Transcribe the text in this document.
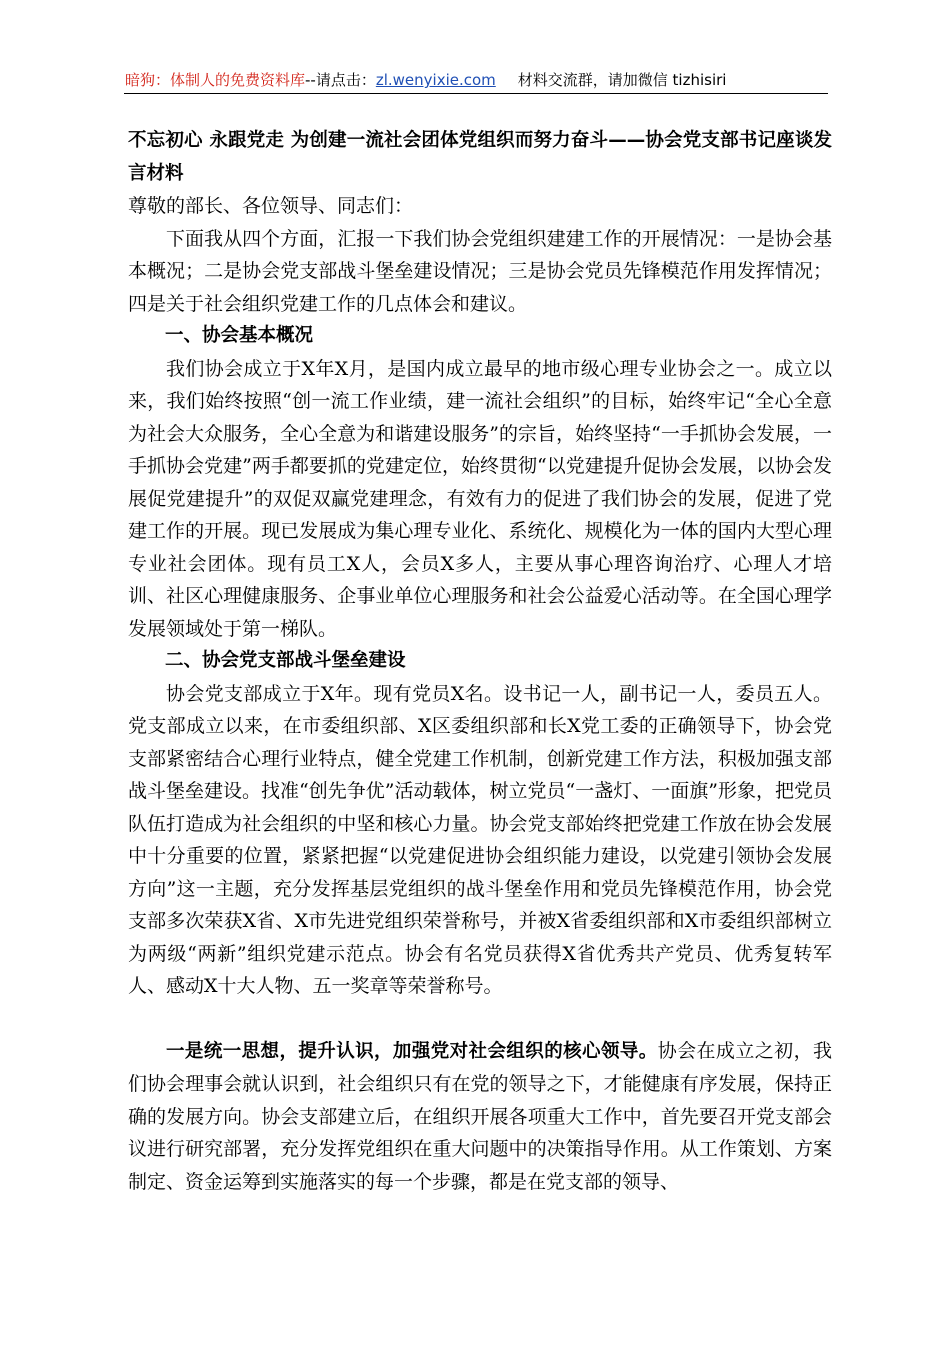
暗狗：体制人的免费资料库--请点击：zl.wenyixie.com 材料交流群，请加微信 tizhisiri

不忘初心 永跟党走 为创建一流社会团体党组织而努力奋斗——协会党支部书记座谈发言材料

尊敬的部长、各位领导、同志们：

下面我从四个方面，汇报一下我们协会党组织建建工作的开展情况：一是协会基本概况；二是协会党支部战斗堡垒建设情况；三是协会党员先锋模范作用发挥情况；四是关于社会组织党建工作的几点体会和建议。

一、协会基本概况

我们协会成立于X年X月，是国内成立最早的地市级心理专业协会之一。成立以来，我们始终按照“创一流工作业绩，建一流社会组织”的目标，始终牢记“全心全意为社会大众服务，全心全意为和谐建设服务”的宗旨，始终坚持“一手抓协会发展，一手抓协会党建”两手都要抓的党建定位，始终贯彻“以党建提升促协会发展，以协会发展促党建提升”的双促双赢党建理念，有效有力的促进了我们协会的发展，促进了党建工作的开展。现已发展成为集心理专业化、系统化、规模化为一体的国内大型心理专业社会团体。现有员工X人，会员X多人，主要从事心理咨询治疗、心理人才培训、社区心理健康服务、企事业单位心理服务和社会公益爱心活动等。在全国心理学发展领域处于第一梯队。

二、协会党支部战斗堡垒建设

协会党支部成立于X年。现有党员X名。设书记一人，副书记一人，委员五人。党支部成立以来，在市委组织部、X区委组织部和长X党工委的正确领导下，协会党支部紧密结合心理行业特点，健全党建工作机制，创新党建工作方法，积极加强支部战斗堡垒建设。找准“创先争优”活动载体，树立党员“一盏灯、一面旗”形象，把党员队伍打造成为社会组织的中坚和核心力量。协会党支部始终把党建工作放在协会发展中十分重要的位置，紧紧把握“以党建促进协会组织能力建设，以党建引领协会发展方向”这一主题，充分发挥基层党组织的战斗堡垒作用和党员先锋模范作用，协会党支部多次荣获X省、X市先进党组织荣誉称号，并被X省委组织部和X市委组织部树立为两级“两新”组织党建示范点。协会有名党员获得X省优秀共产党员、优秀复转军人、感动X十大人物、五一奖章等荣誉称号。

一是统一思想，提升认识，加强党对社会组织的核心领导。协会在成立之初，我们协会理事会就认识到，社会组织只有在党的领导之下，才能健康有序发展，保持正确的发展方向。协会支部建立后，在组织开展各项重大工作中，首先要召开党支部会议进行研究部署，充分发挥党组织在重大问题中的决策指导作用。从工作策划、方案制定、资金运筹到实施落实的每一个步骤，都是在党支部的领导、
